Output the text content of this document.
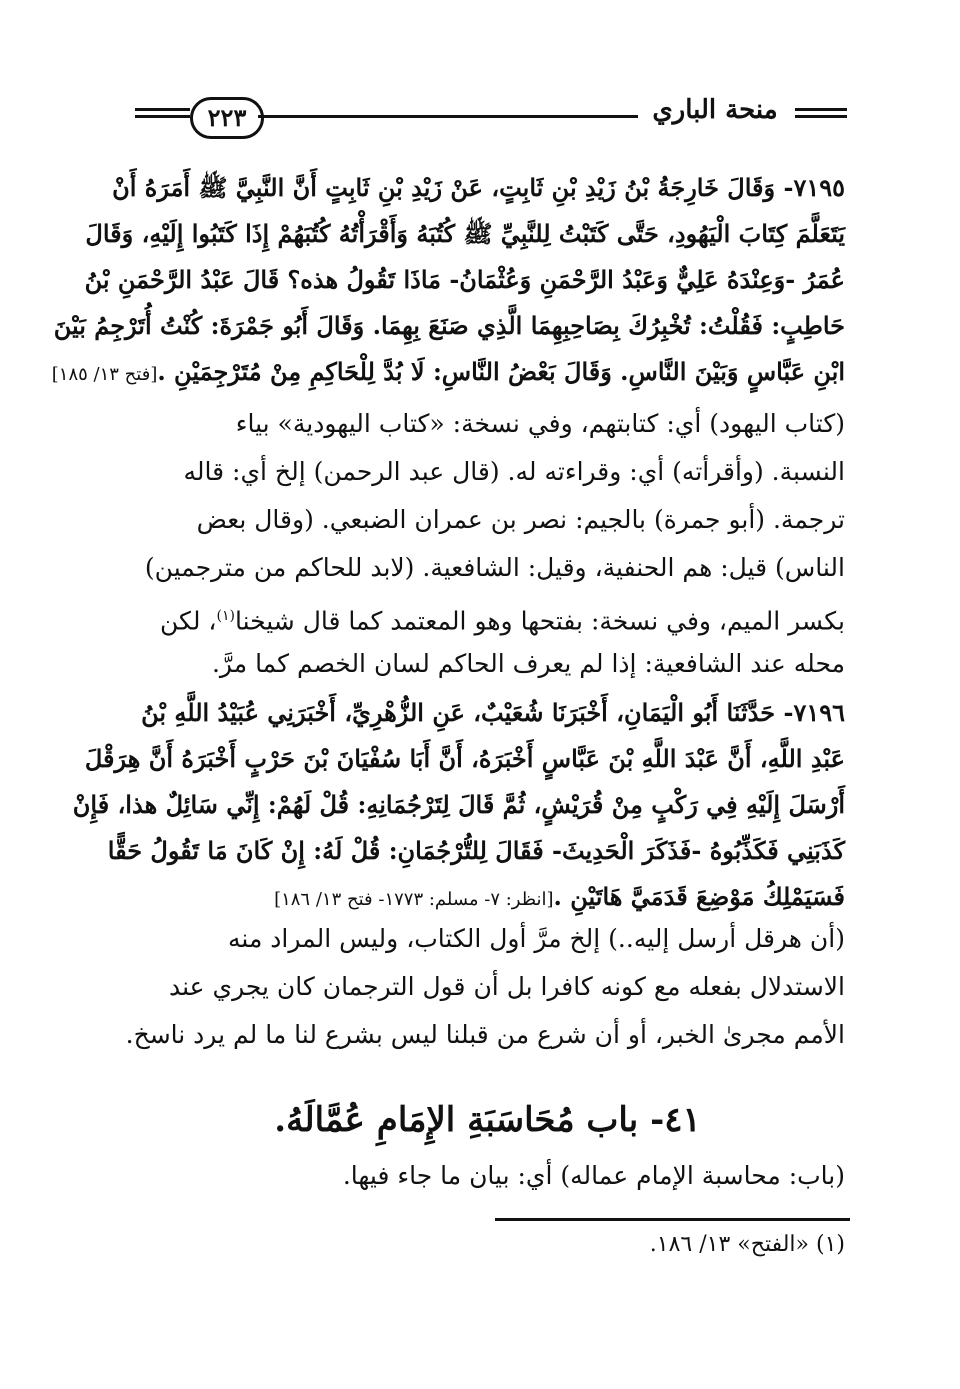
منحة الباري
٢٢٣
٧١٩٥- وَقَالَ خَارِجَةُ بْنُ زَيْدِ بْنِ ثَابِتٍ، عَنْ زَيْدِ بْنِ ثَابِتٍ أَنَّ النَّبِيَّ ﷺ أَمَرَهُ أَنْ
يَتَعَلَّمَ كِتَابَ الْيَهُودِ، حَتَّى كَتَبْتُ لِلنَّبِيِّ ﷺ كُتُبَهُ وَأَقْرَأْتُهُ كُتُبَهُمْ إِذَا كَتَبُوا إِلَيْهِ، وَقَالَ
عُمَرُ -وَعِنْدَهُ عَلِيٌّ وَعَبْدُ الرَّحْمَنِ وَعُثْمَانُ- مَاذَا تَقُولُ هذه؟ قَالَ عَبْدُ الرَّحْمَنِ بْنُ
حَاطِبٍ: فَقُلْتُ: تُخْبِرُكَ بِصَاحِبِهِمَا الَّذِي صَنَعَ بِهِمَا. وَقَالَ أَبُو جَمْرَةَ: كُنْتُ أُتَرْجِمُ بَيْنَ
ابْنِ عَبَّاسٍ وَبَيْنَ النَّاسِ. وَقَالَ بَعْضُ النَّاسِ: لَا بُدَّ لِلْحَاكِمِ مِنْ مُتَرْجِمَيْنِ .[فتح ١٣/ ١٨٥]
(كتاب اليهود) أي: كتابتهم، وفي نسخة: «كتاب اليهودية» بياء
النسبة. (وأقرأته) أي: وقراءته له. (قال عبد الرحمن) إلخ أي: قاله
ترجمة. (أبو جمرة) بالجيم: نصر بن عمران الضبعي. (وقال بعض
الناس) قيل: هم الحنفية، وقيل: الشافعية. (لابد للحاكم من مترجمين)
بكسر الميم، وفي نسخة: بفتحها وهو المعتمد كما قال شيخنا$^{(١)}$، لكن
محله عند الشافعية: إذا لم يعرف الحاكم لسان الخصم كما مرَّ.
٧١٩٦- حَدَّثَنَا أَبُو الْيَمَانِ، أَخْبَرَنَا شُعَيْبٌ، عَنِ الزُّهْرِيِّ، أَخْبَرَنِي عُبَيْدُ اللَّهِ بْنُ
عَبْدِ اللَّهِ، أَنَّ عَبْدَ اللَّهِ بْنَ عَبَّاسٍ أَخْبَرَهُ، أَنَّ أَبَا سُفْيَانَ بْنَ حَرْبٍ أَخْبَرَهُ أَنَّ هِرَقْلَ
أَرْسَلَ إِلَيْهِ فِي رَكْبٍ مِنْ قُرَيْشٍ، ثُمَّ قَالَ لِتَرْجُمَانِهِ: قُلْ لَهُمْ: إِنِّي سَائِلٌ هذا، فَإِنْ
كَذَبَنِي فَكَذِّبُوهُ -فَذَكَرَ الْحَدِيثَ- فَقَالَ لِلتُّرْجُمَانِ: قُلْ لَهُ: إِنْ كَانَ مَا تَقُولُ حَقًّا
فَسَيَمْلِكُ مَوْضِعَ قَدَمَيَّ هَاتَيْنِ .[انظر: ٧- مسلم: ١٧٧٣- فتح ١٣/ ١٨٦]
(أن هرقل أرسل إليه..) إلخ مرَّ أول الكتاب، وليس المراد منه
الاستدلال بفعله مع كونه كافرا بل أن قول الترجمان كان يجري عند
الأمم مجرىٰ الخبر، أو أن شرع من قبلنا ليس بشرع لنا ما لم يرد ناسخ.
٤١- باب مُحَاسَبَةِ الإِمَامِ عُمَّالَهُ.
(باب: محاسبة الإمام عماله) أي: بيان ما جاء فيها.
(١) «الفتح» ١٣/ ١٨٦.
